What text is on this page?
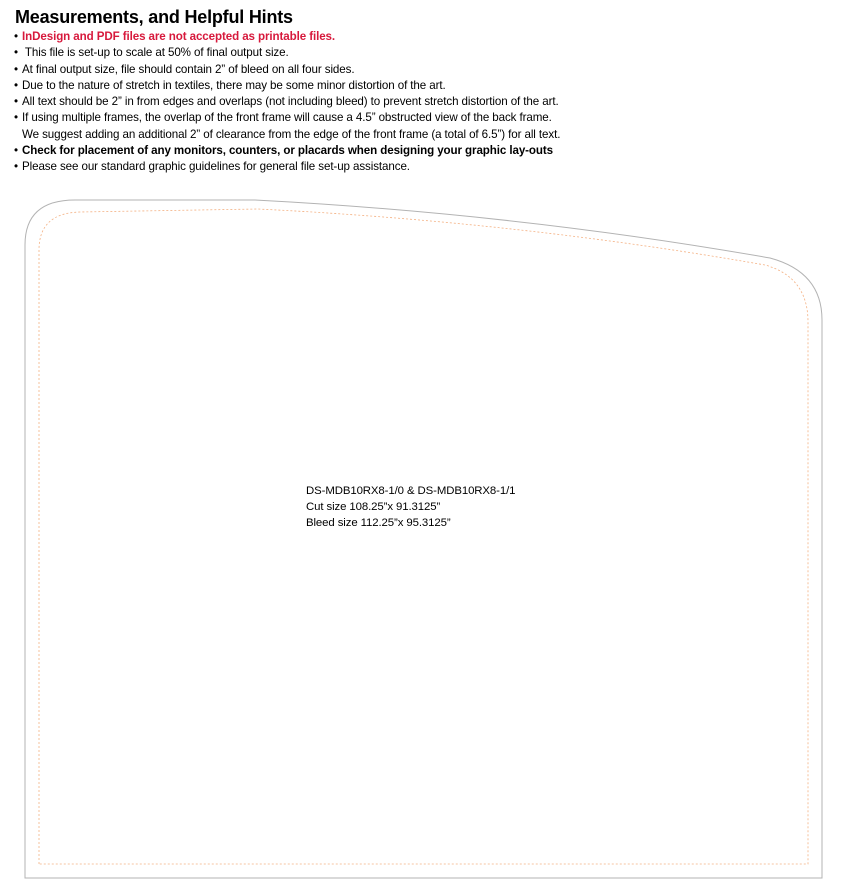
Measurements, and Helpful Hints
• InDesign and PDF files are not accepted as printable files.
• This file is set-up to scale at 50% of final output size.
• At final output size, file should contain 2” of bleed on all four sides.
• Due to the nature of stretch in textiles, there may be some minor distortion of the art.
• All text should be 2” in from edges and overlaps (not including bleed) to prevent stretch distortion of the art.
• If using multiple frames, the overlap of the front frame will cause a 4.5” obstructed view of the back frame.
We suggest adding an additional 2” of clearance from the edge of the front frame (a total of 6.5”) for all text.
• Check for placement of any monitors, counters, or placards when designing your graphic lay-outs
• Please see our standard graphic guidelines for general file set-up assistance.
DS-MDB10RX8-1/0 & DS-MDB10RX8-1/1
Cut size 108.25”x 91.3125”
Bleed size 112.25”x 95.3125”
